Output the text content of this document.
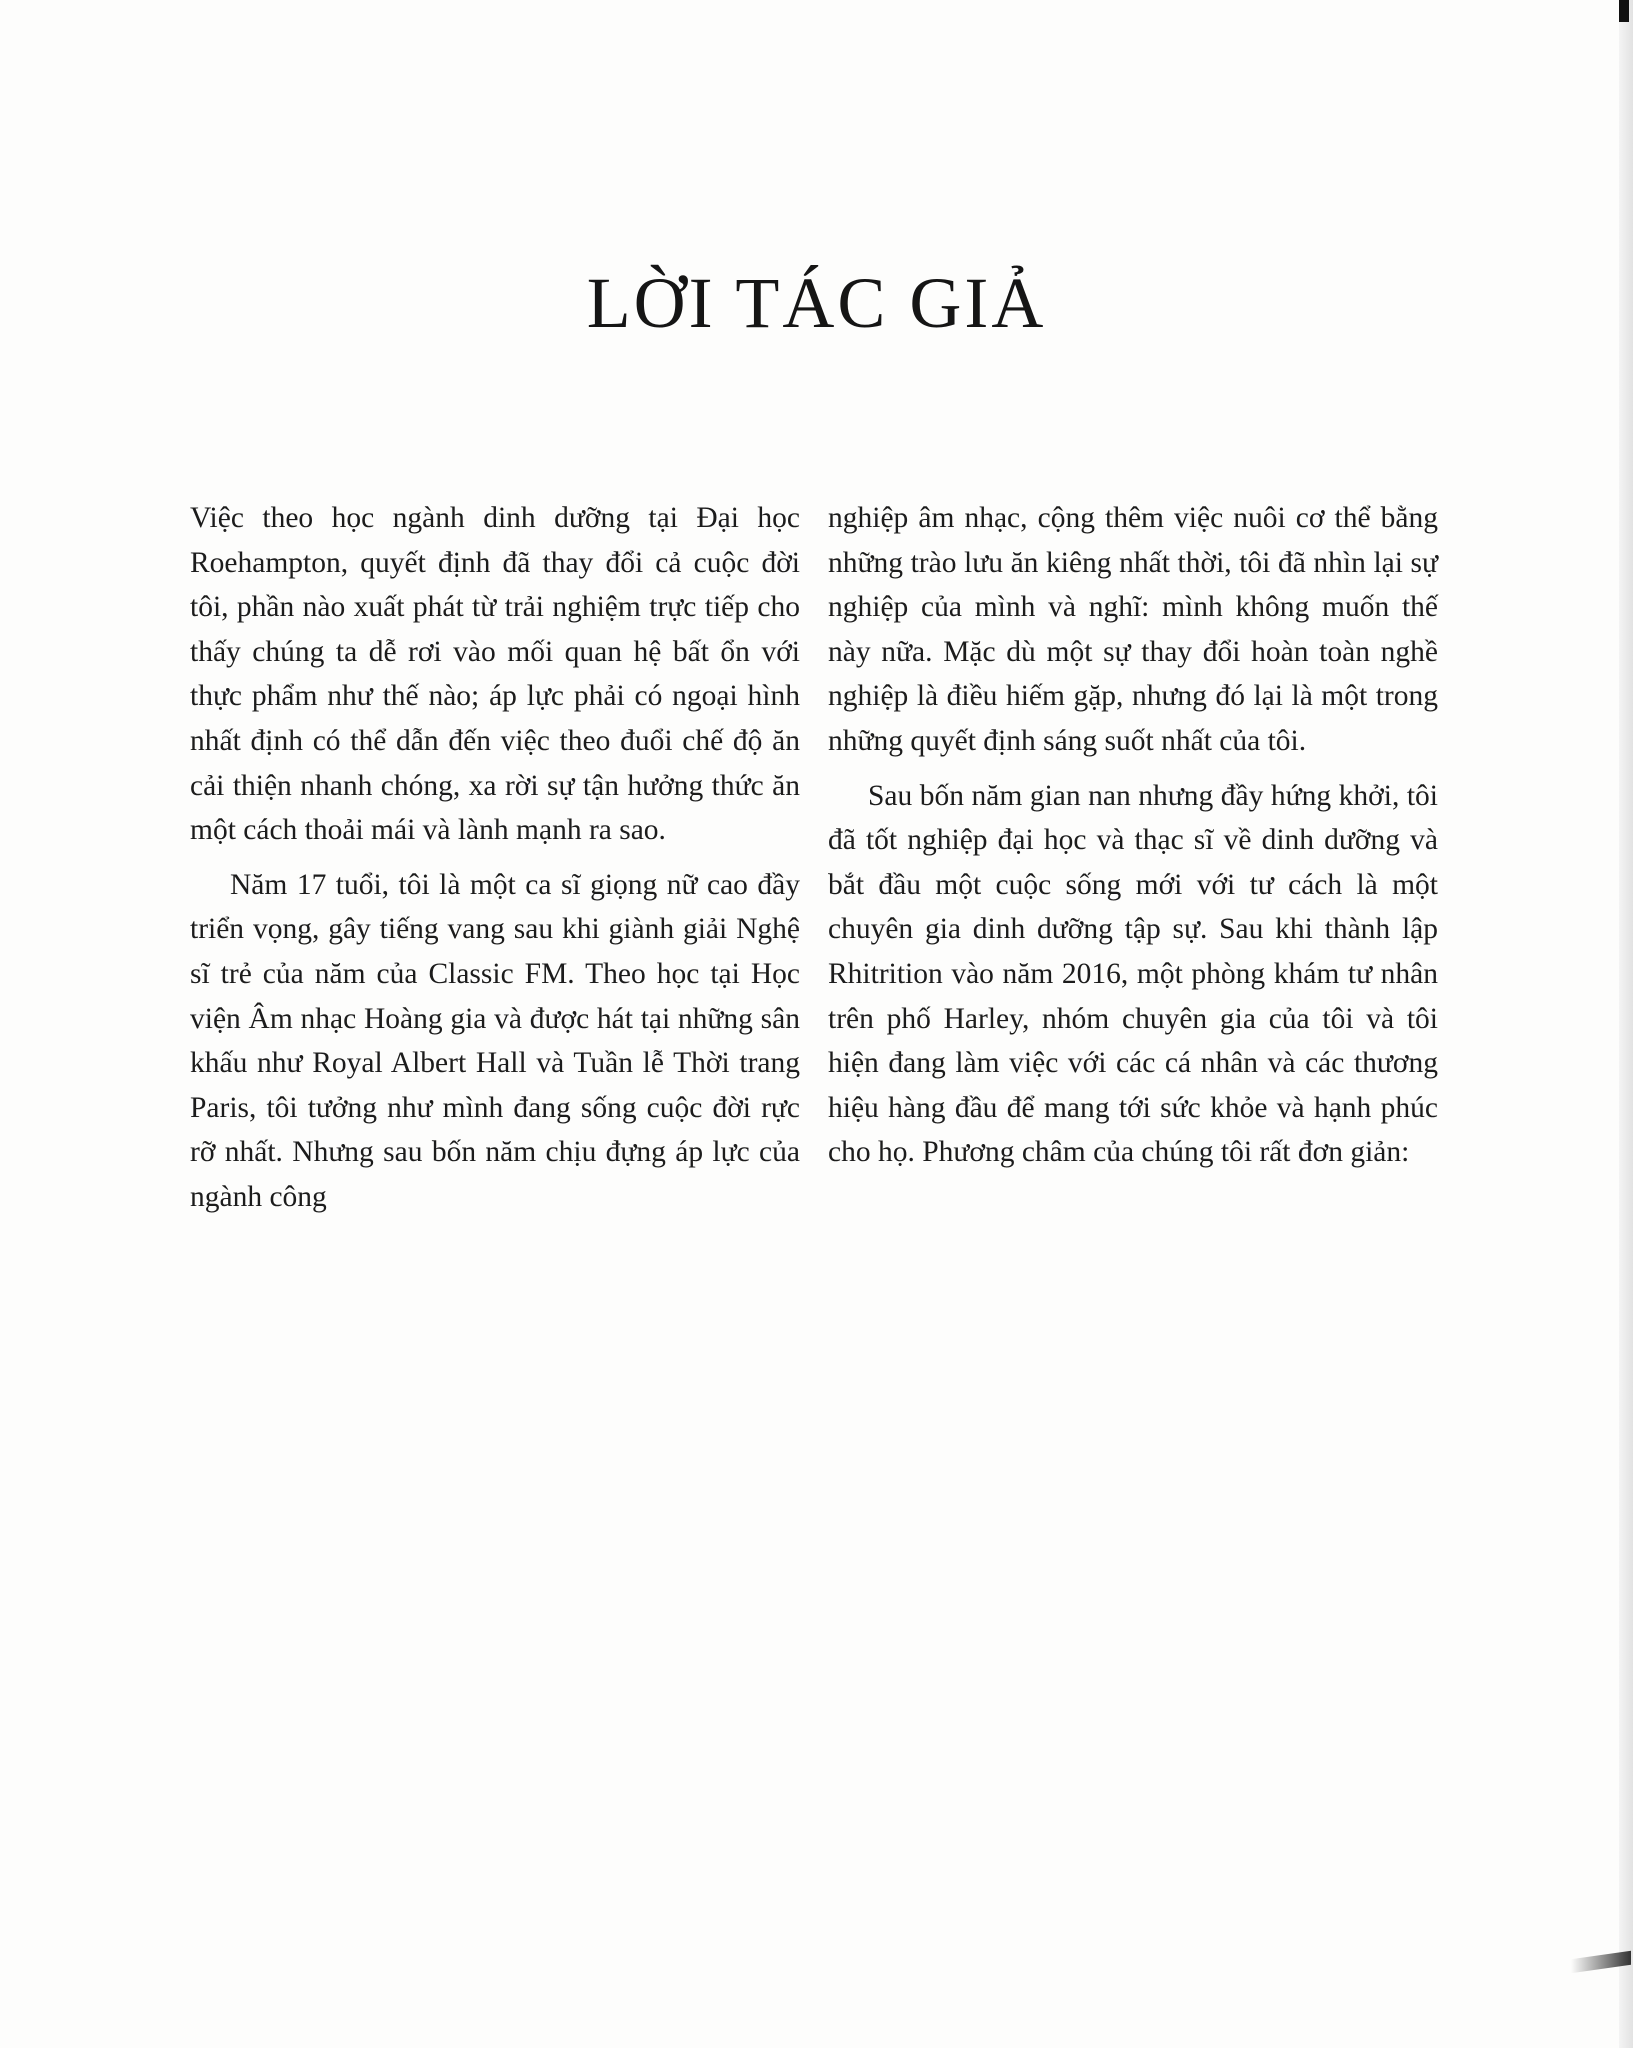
LỜI TÁC GIẢ

Việc theo học ngành dinh dưỡng tại Đại học Roehampton, quyết định đã thay đổi cả cuộc đời tôi, phần nào xuất phát từ trải nghiệm trực tiếp cho thấy chúng ta dễ rơi vào mối quan hệ bất ổn với thực phẩm như thế nào; áp lực phải có ngoại hình nhất định có thể dẫn đến việc theo đuổi chế độ ăn cải thiện nhanh chóng, xa rời sự tận hưởng thức ăn một cách thoải mái và lành mạnh ra sao.

Năm 17 tuổi, tôi là một ca sĩ giọng nữ cao đầy triển vọng, gây tiếng vang sau khi giành giải Nghệ sĩ trẻ của năm của Classic FM. Theo học tại Học viện Âm nhạc Hoàng gia và được hát tại những sân khấu như Royal Albert Hall và Tuần lễ Thời trang Paris, tôi tưởng như mình đang sống cuộc đời rực rỡ nhất. Nhưng sau bốn năm chịu đựng áp lực của ngành công

nghiệp âm nhạc, cộng thêm việc nuôi cơ thể bằng những trào lưu ăn kiêng nhất thời, tôi đã nhìn lại sự nghiệp của mình và nghĩ: mình không muốn thế này nữa. Mặc dù một sự thay đổi hoàn toàn nghề nghiệp là điều hiếm gặp, nhưng đó lại là một trong những quyết định sáng suốt nhất của tôi.

Sau bốn năm gian nan nhưng đầy hứng khởi, tôi đã tốt nghiệp đại học và thạc sĩ về dinh dưỡng và bắt đầu một cuộc sống mới với tư cách là một chuyên gia dinh dưỡng tập sự. Sau khi thành lập Rhitrition vào năm 2016, một phòng khám tư nhân trên phố Harley, nhóm chuyên gia của tôi và tôi hiện đang làm việc với các cá nhân và các thương hiệu hàng đầu để mang tới sức khỏe và hạnh phúc cho họ. Phương châm của chúng tôi rất đơn giản:
